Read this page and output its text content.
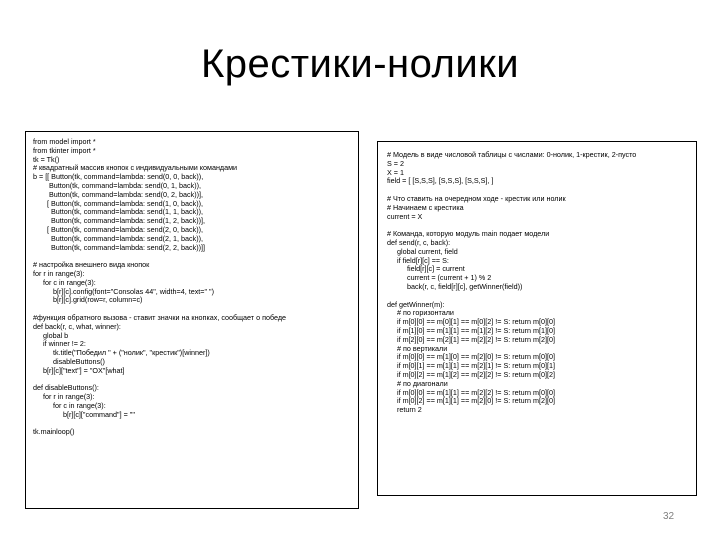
Крестики-нолики
from model import *
from tkinter import *
tk = Tk()
# квадратный массив кнопок с индивидуальными командами
b = [[ Button(tk, command=lambda: send(0, 0, back)),
Button(tk, command=lambda: send(0, 1, back)),
Button(tk, command=lambda: send(0, 2, back))],
[ Button(tk, command=lambda: send(1, 0, back)),
Button(tk, command=lambda: send(1, 1, back)),
Button(tk, command=lambda: send(1, 2, back))],
[ Button(tk, command=lambda: send(2, 0, back)),
Button(tk, command=lambda: send(2, 1, back)),
Button(tk, command=lambda: send(2, 2, back))]]
# настройка внешнего вида кнопок
for r in range(3):
for c in range(3):
b[r][c].config(font="Consolas 44", width=4, text=" ")
b[r][c].grid(row=r, column=c)
#функция обратного вызова - ставит значки на кнопках, сообщает о победе
def back(r, c, what, winner):
global b
if winner != 2:
tk.title("Победил " + ("нолик", "крестик")[winner])
disableButtons()
b[r][c]["text"] = "OX"[what]
def disableButtons():
for r in range(3):
for c in range(3):
b[r][c]["command"] = ""
tk.mainloop()
# Модель в виде числовой таблицы с числами: 0-нолик, 1-крестик, 2-пусто
S = 2
X = 1
field = [ [S,S,S], [S,S,S], [S,S,S], ]
# Что ставить на очередном ходе - крестик или нолик
# Начинаем с крестика
current = X
# Команда, которую модуль main подает модели
def send(r, c, back):
global current, field
if field[r][c] == S:
field[r][c] = current
current = (current + 1) % 2
back(r, c, field[r][c], getWinner(field))
def getWinner(m):
# по горизонтали
if m[0][0] == m[0][1] == m[0][2] != S: return m[0][0]
if m[1][0] == m[1][1] == m[1][2] != S: return m[1][0]
if m[2][0] == m[2][1] == m[2][2] != S: return m[2][0]
# по вертикали
if m[0][0] == m[1][0] == m[2][0] != S: return m[0][0]
if m[0][1] == m[1][1] == m[2][1] != S: return m[0][1]
if m[0][2] == m[1][2] == m[2][2] != S: return m[0][2]
# по диагонали
if m[0][0] == m[1][1] == m[2][2] != S: return m[0][0]
if m[0][2] == m[1][1] == m[2][0] != S: return m[2][0]
return 2
32
